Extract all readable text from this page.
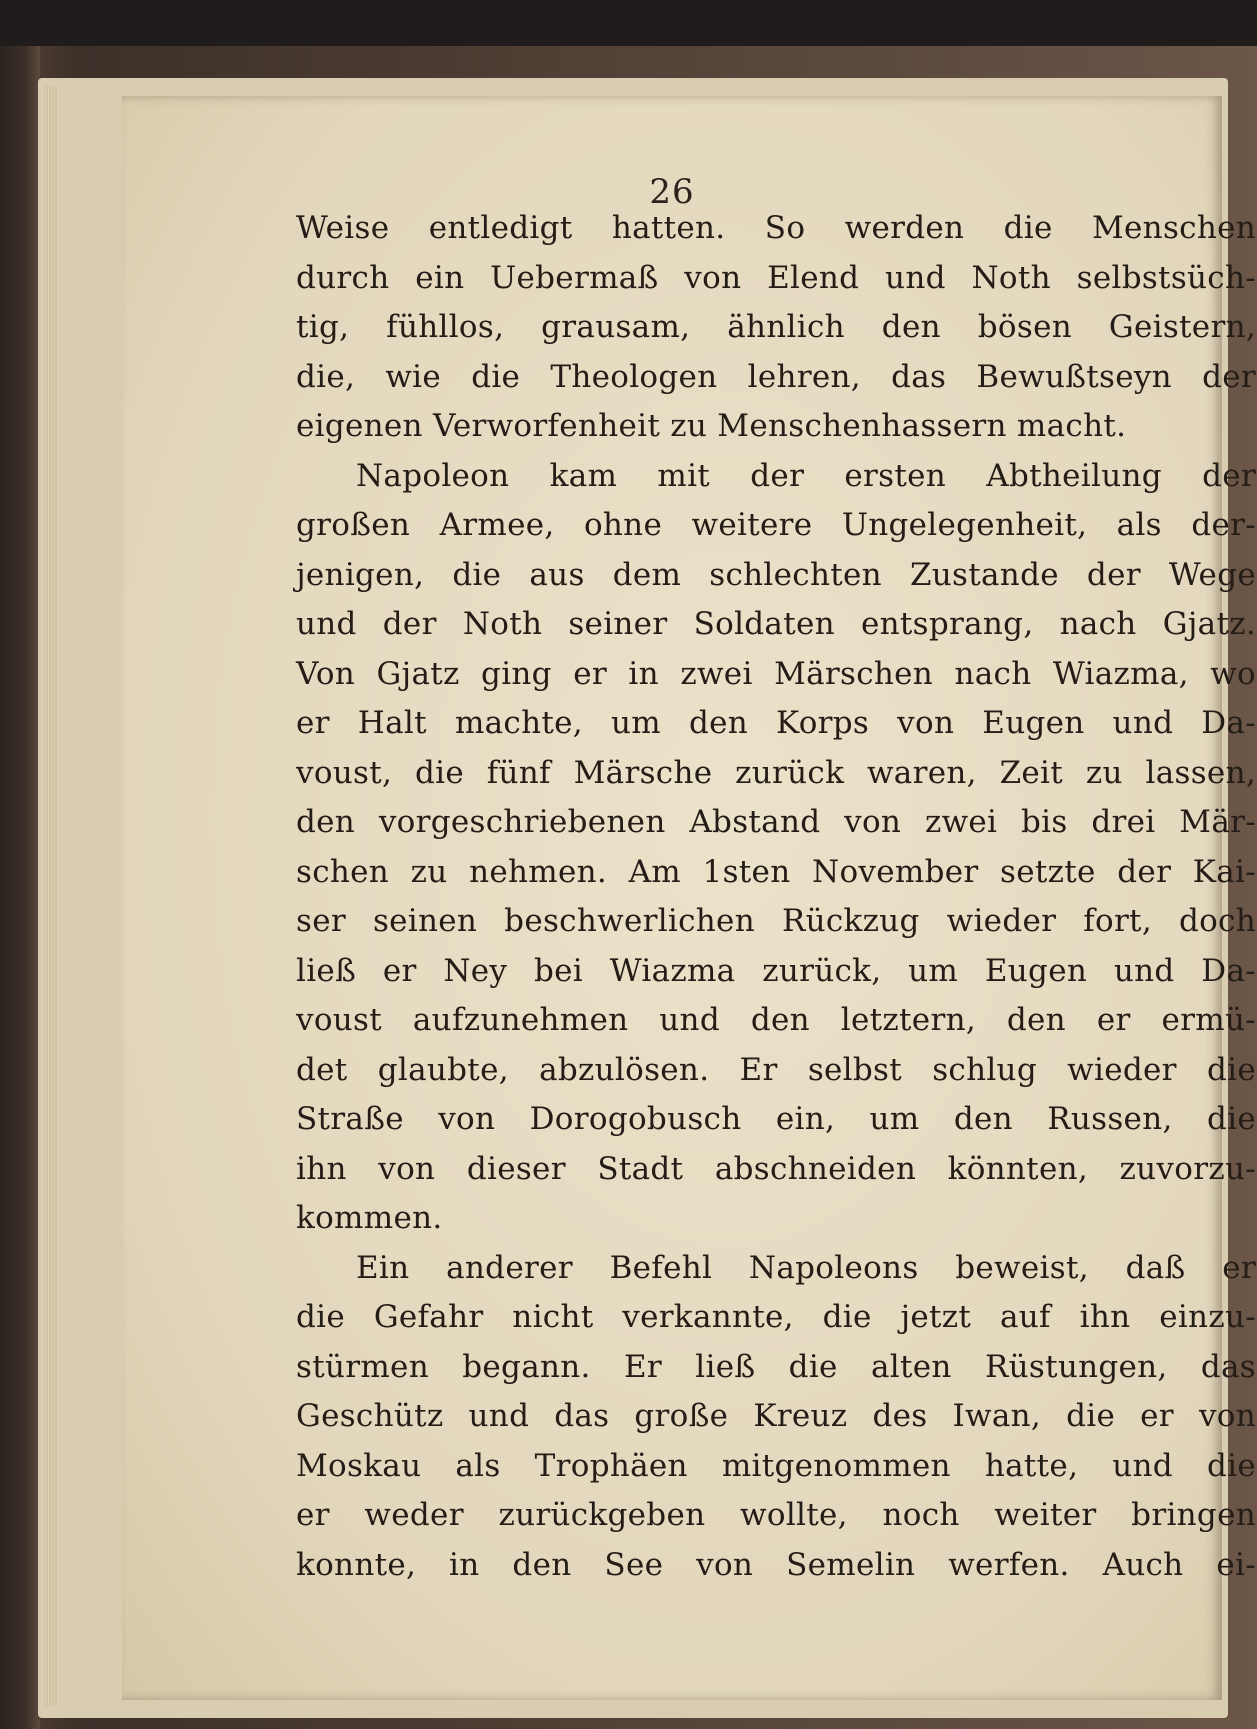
26
Weise entledigt hatten. So werden die Menschen
durch ein Uebermaß von Elend und Noth selbstsüch-
tig, fühllos, grausam, ähnlich den bösen Geistern,
die, wie die Theologen lehren, das Bewußtseyn der
eigenen Verworfenheit zu Menschenhassern macht.
Napoleon kam mit der ersten Abtheilung der
großen Armee, ohne weitere Ungelegenheit, als der-
jenigen, die aus dem schlechten Zustande der Wege
und der Noth seiner Soldaten entsprang, nach Gjatz.
Von Gjatz ging er in zwei Märschen nach Wiazma, wo
er Halt machte, um den Korps von Eugen und Da-
voust, die fünf Märsche zurück waren, Zeit zu lassen,
den vorgeschriebenen Abstand von zwei bis drei Mär-
schen zu nehmen. Am 1sten November setzte der Kai-
ser seinen beschwerlichen Rückzug wieder fort, doch
ließ er Ney bei Wiazma zurück, um Eugen und Da-
voust aufzunehmen und den letztern, den er ermü-
det glaubte, abzulösen. Er selbst schlug wieder die
Straße von Dorogobusch ein, um den Russen, die
ihn von dieser Stadt abschneiden könnten, zuvorzu-
kommen.
Ein anderer Befehl Napoleons beweist, daß er
die Gefahr nicht verkannte, die jetzt auf ihn einzu-
stürmen begann. Er ließ die alten Rüstungen, das
Geschütz und das große Kreuz des Iwan, die er von
Moskau als Trophäen mitgenommen hatte, und die
er weder zurückgeben wollte, noch weiter bringen
konnte, in den See von Semelin werfen. Auch ei-
